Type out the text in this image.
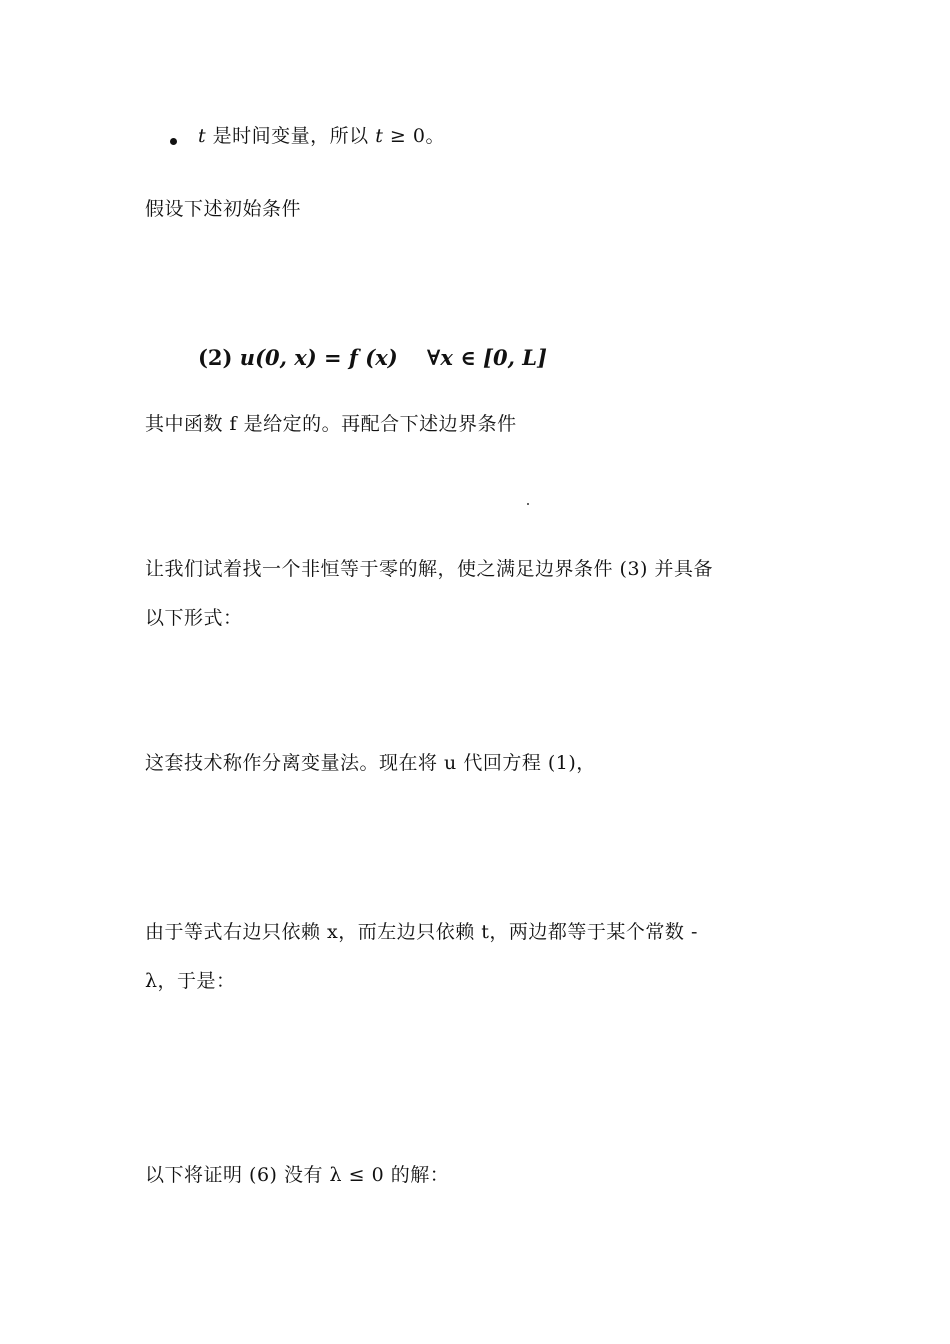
t 是时间变量，所以 t ≥ 0。
假设下述初始条件
(2) u(0, x) = f (x) ∀x ∈ [0, L]
其中函数 f 是给定的。再配合下述边界条件
让我们试着找一个非恒等于零的解，使之满足边界条件 (3) 并具备
以下形式：
这套技术称作分离变量法。现在将 u 代回方程 (1)，
由于等式右边只依赖 x，而左边只依赖 t，两边都等于某个常数 -
λ，于是：
以下将证明 (6) 没有 λ ≤ 0 的解：
